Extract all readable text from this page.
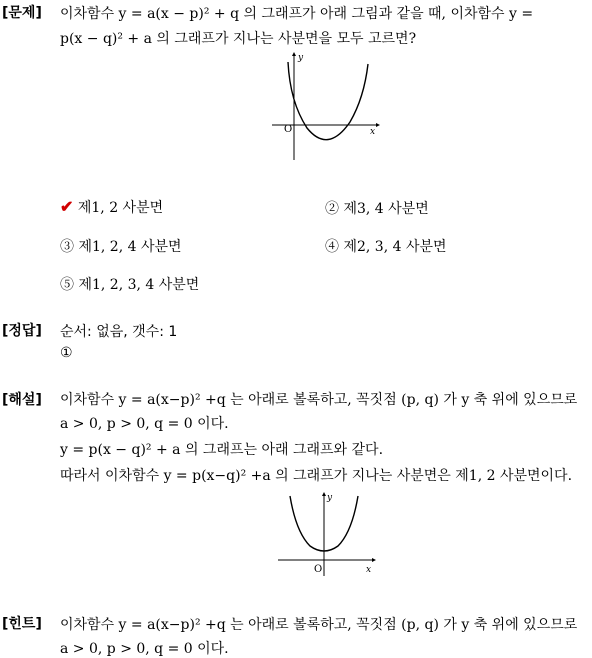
[문제] 이차함수 y = a(x − p)² + q 의 그래프가 아래 그림과 같을 때, 이차함수 y =
p(x − q)² + a 의 그래프가 지나는 사분면을 모두 고르면?
O	x
y
✔ 제1, 2 사분면	② 제3, 4 사분면
③ 제1, 2, 4 사분면	④ 제2, 3, 4 사분면
⑤ 제1, 2, 3, 4 사분면
[정답] 순서: 없음, 갯수: 1
①
[해설] 이차함수 y = a(x−p)² +q 는 아래로 볼록하고, 꼭짓점 (p, q) 가 y 축 위에 있으므로
a > 0, p > 0, q = 0 이다.
y = p(x − q)² + a 의 그래프는 아래 그래프와 같다.
따라서 이차함수 y = p(x−q)² +a 의 그래프가 지나는 사분면은 제1, 2 사분면이다.
O	x
y
[힌트] 이차함수 y = a(x−p)² +q 는 아래로 볼록하고, 꼭짓점 (p, q) 가 y 축 위에 있으므로
a > 0, p > 0, q = 0 이다.
